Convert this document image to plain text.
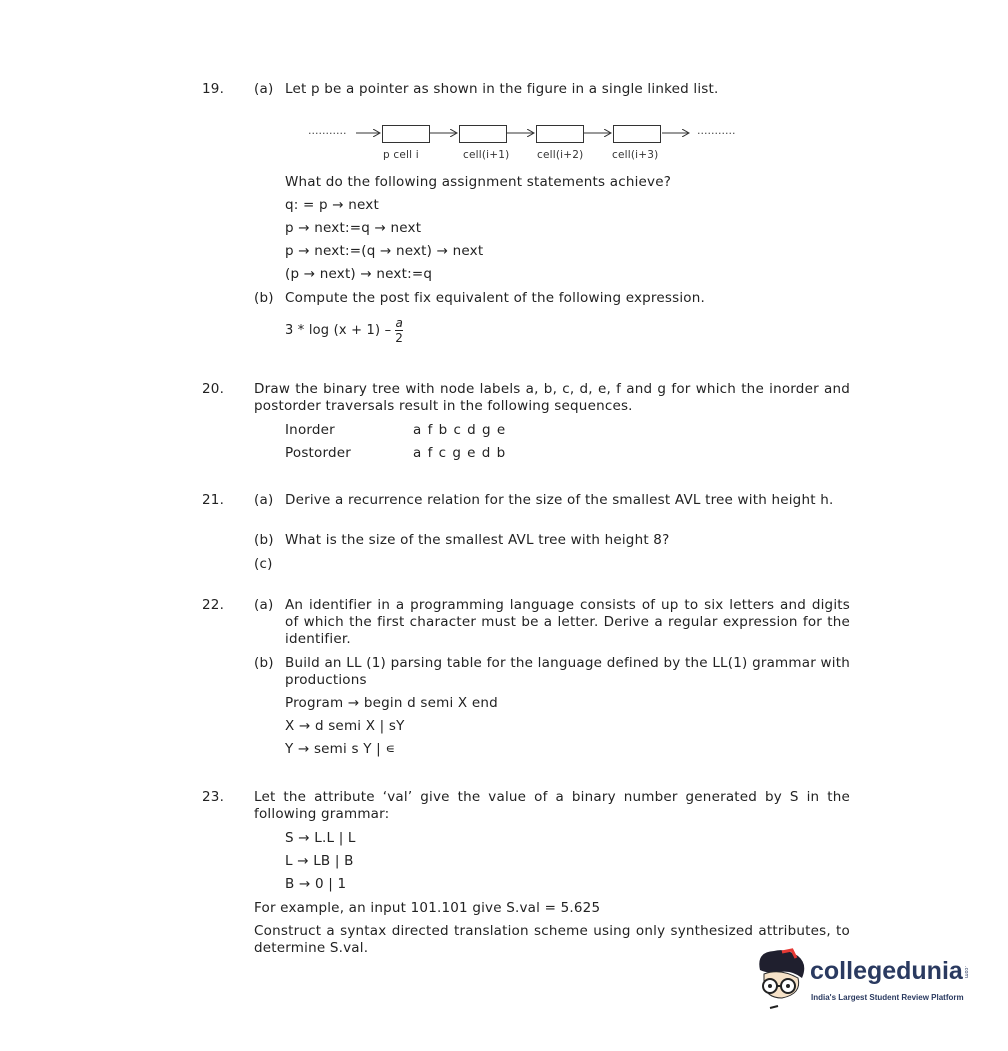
19. (a) Let p be a pointer as shown in the figure in a single linked list.
...........	...........
p cell i	cell(i+1)	cell(i+2)	cell(i+3)
What do the following assignment statements achieve?
q: = p → next
p → next:=q → next
p → next:=(q → next) → next
(p → next) → next:=q
(b) Compute the post fix equivalent of the following expression.
$3 * \log (x + 1) - \frac{a}{2}$
20. Draw the binary tree with node labels a, b, c, d, e, f and g for which the inorder and postorder traversals result in the following sequences.
Inorder	a f b c d g e
Postorder	a f c g e d b
21. (a) Derive a recurrence relation for the size of the smallest AVL tree with height h.
(b) What is the size of the smallest AVL tree with height 8?
(c)
22. (a) An identifier in a programming language consists of up to six letters and digits of which the first character must be a letter. Derive a regular expression for the identifier.
(b) Build an LL (1) parsing table for the language defined by the LL(1) grammar with productions
Program → begin d semi X end
X → d semi X | sY
Y → semi s Y | ∊
23. Let the attribute ‘val’ give the value of a binary number generated by S in the following grammar:
S → L.L | L
L → LB | B
B → 0 | 1
For example, an input 101.101 give S.val = 5.625
Construct a syntax directed translation scheme using only synthesized attributes, to determine S.val.
collegedunia .com
India's Largest Student Review Platform
